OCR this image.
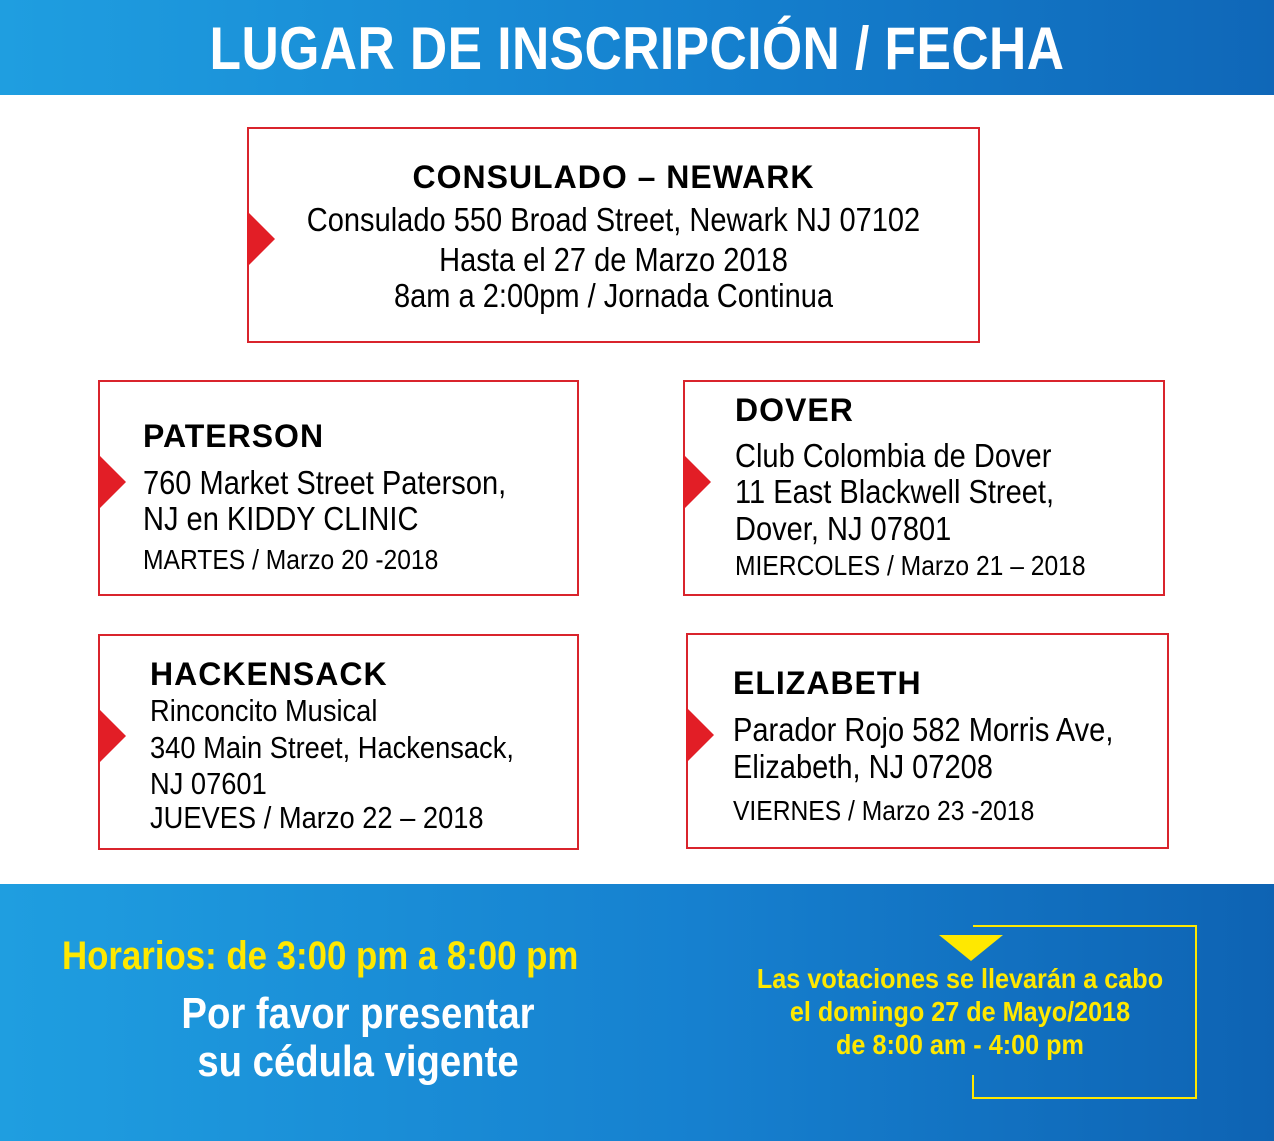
LUGAR DE INSCRIPCIÓN / FECHA
CONSULADO – NEWARK
Consulado 550 Broad Street, Newark NJ 07102
Hasta el 27 de Marzo 2018
8am a 2:00pm / Jornada Continua
PATERSON
760 Market Street Paterson,
NJ en KIDDY CLINIC
MARTES / Marzo 20 -2018
DOVER
Club Colombia de Dover
11 East Blackwell Street,
Dover, NJ 07801
MIERCOLES / Marzo 21 – 2018
HACKENSACK
Rinconcito Musical
340 Main Street, Hackensack,
NJ 07601
JUEVES / Marzo 22 – 2018
ELIZABETH
Parador Rojo 582 Morris Ave,
Elizabeth, NJ 07208
VIERNES / Marzo 23 -2018
Horarios: de 3:00 pm a 8:00 pm
Por favor presentar
su cédula vigente
Las votaciones se llevarán a cabo
el domingo 27 de Mayo/2018
de 8:00 am - 4:00 pm
